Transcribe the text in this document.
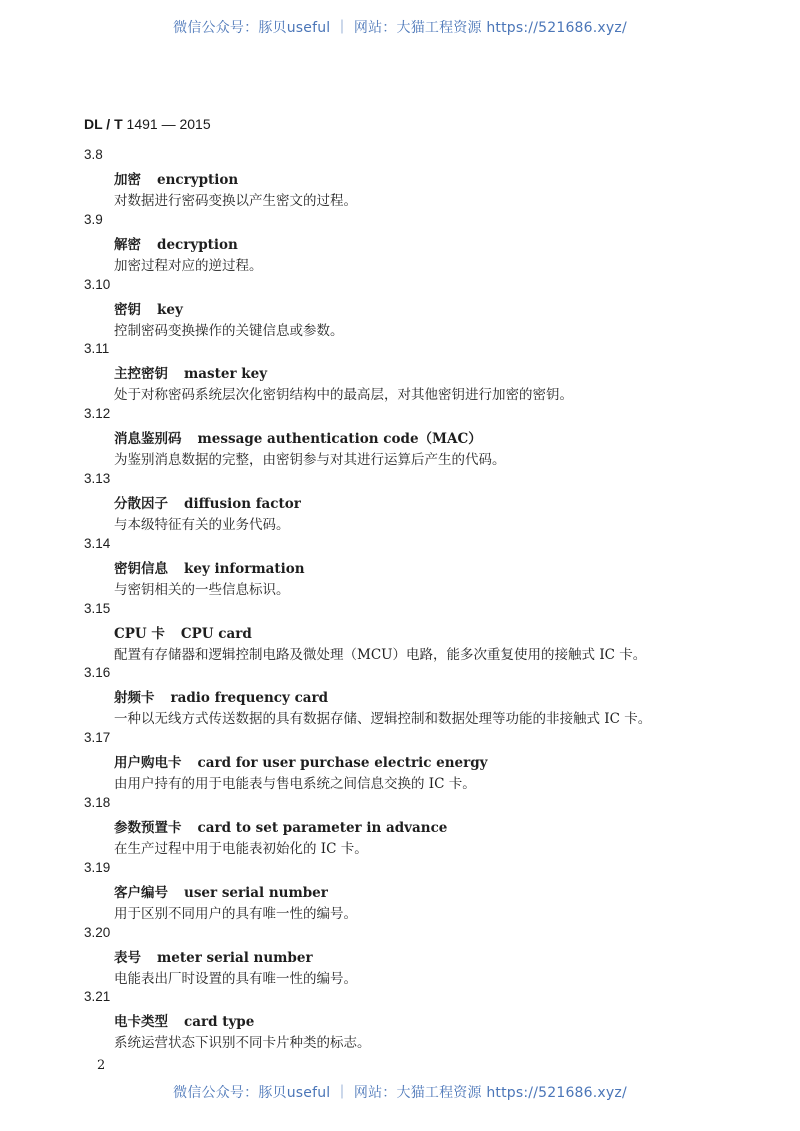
微信公众号：豚贝useful ｜ 网站：大猫工程资源 https://521686.xyz/
DL / T 1491 — 2015
3.8
加密 encryption
对数据进行密码变换以产生密文的过程。
3.9
解密 decryption
加密过程对应的逆过程。
3.10
密钥 key
控制密码变换操作的关键信息或参数。
3.11
主控密钥 master key
处于对称密码系统层次化密钥结构中的最高层，对其他密钥进行加密的密钥。
3.12
消息鉴别码 message authentication code（MAC）
为鉴别消息数据的完整，由密钥参与对其进行运算后产生的代码。
3.13
分散因子 diffusion factor
与本级特征有关的业务代码。
3.14
密钥信息 key information
与密钥相关的一些信息标识。
3.15
CPU 卡 CPU card
配置有存储器和逻辑控制电路及微处理（MCU）电路，能多次重复使用的接触式 IC 卡。
3.16
射频卡 radio frequency card
一种以无线方式传送数据的具有数据存储、逻辑控制和数据处理等功能的非接触式 IC 卡。
3.17
用户购电卡 card for user purchase electric energy
由用户持有的用于电能表与售电系统之间信息交换的 IC 卡。
3.18
参数预置卡 card to set parameter in advance
在生产过程中用于电能表初始化的 IC 卡。
3.19
客户编号 user serial number
用于区别不同用户的具有唯一性的编号。
3.20
表号 meter serial number
电能表出厂时设置的具有唯一性的编号。
3.21
电卡类型 card type
系统运营状态下识别不同卡片种类的标志。
2
微信公众号：豚贝useful ｜ 网站：大猫工程资源 https://521686.xyz/
